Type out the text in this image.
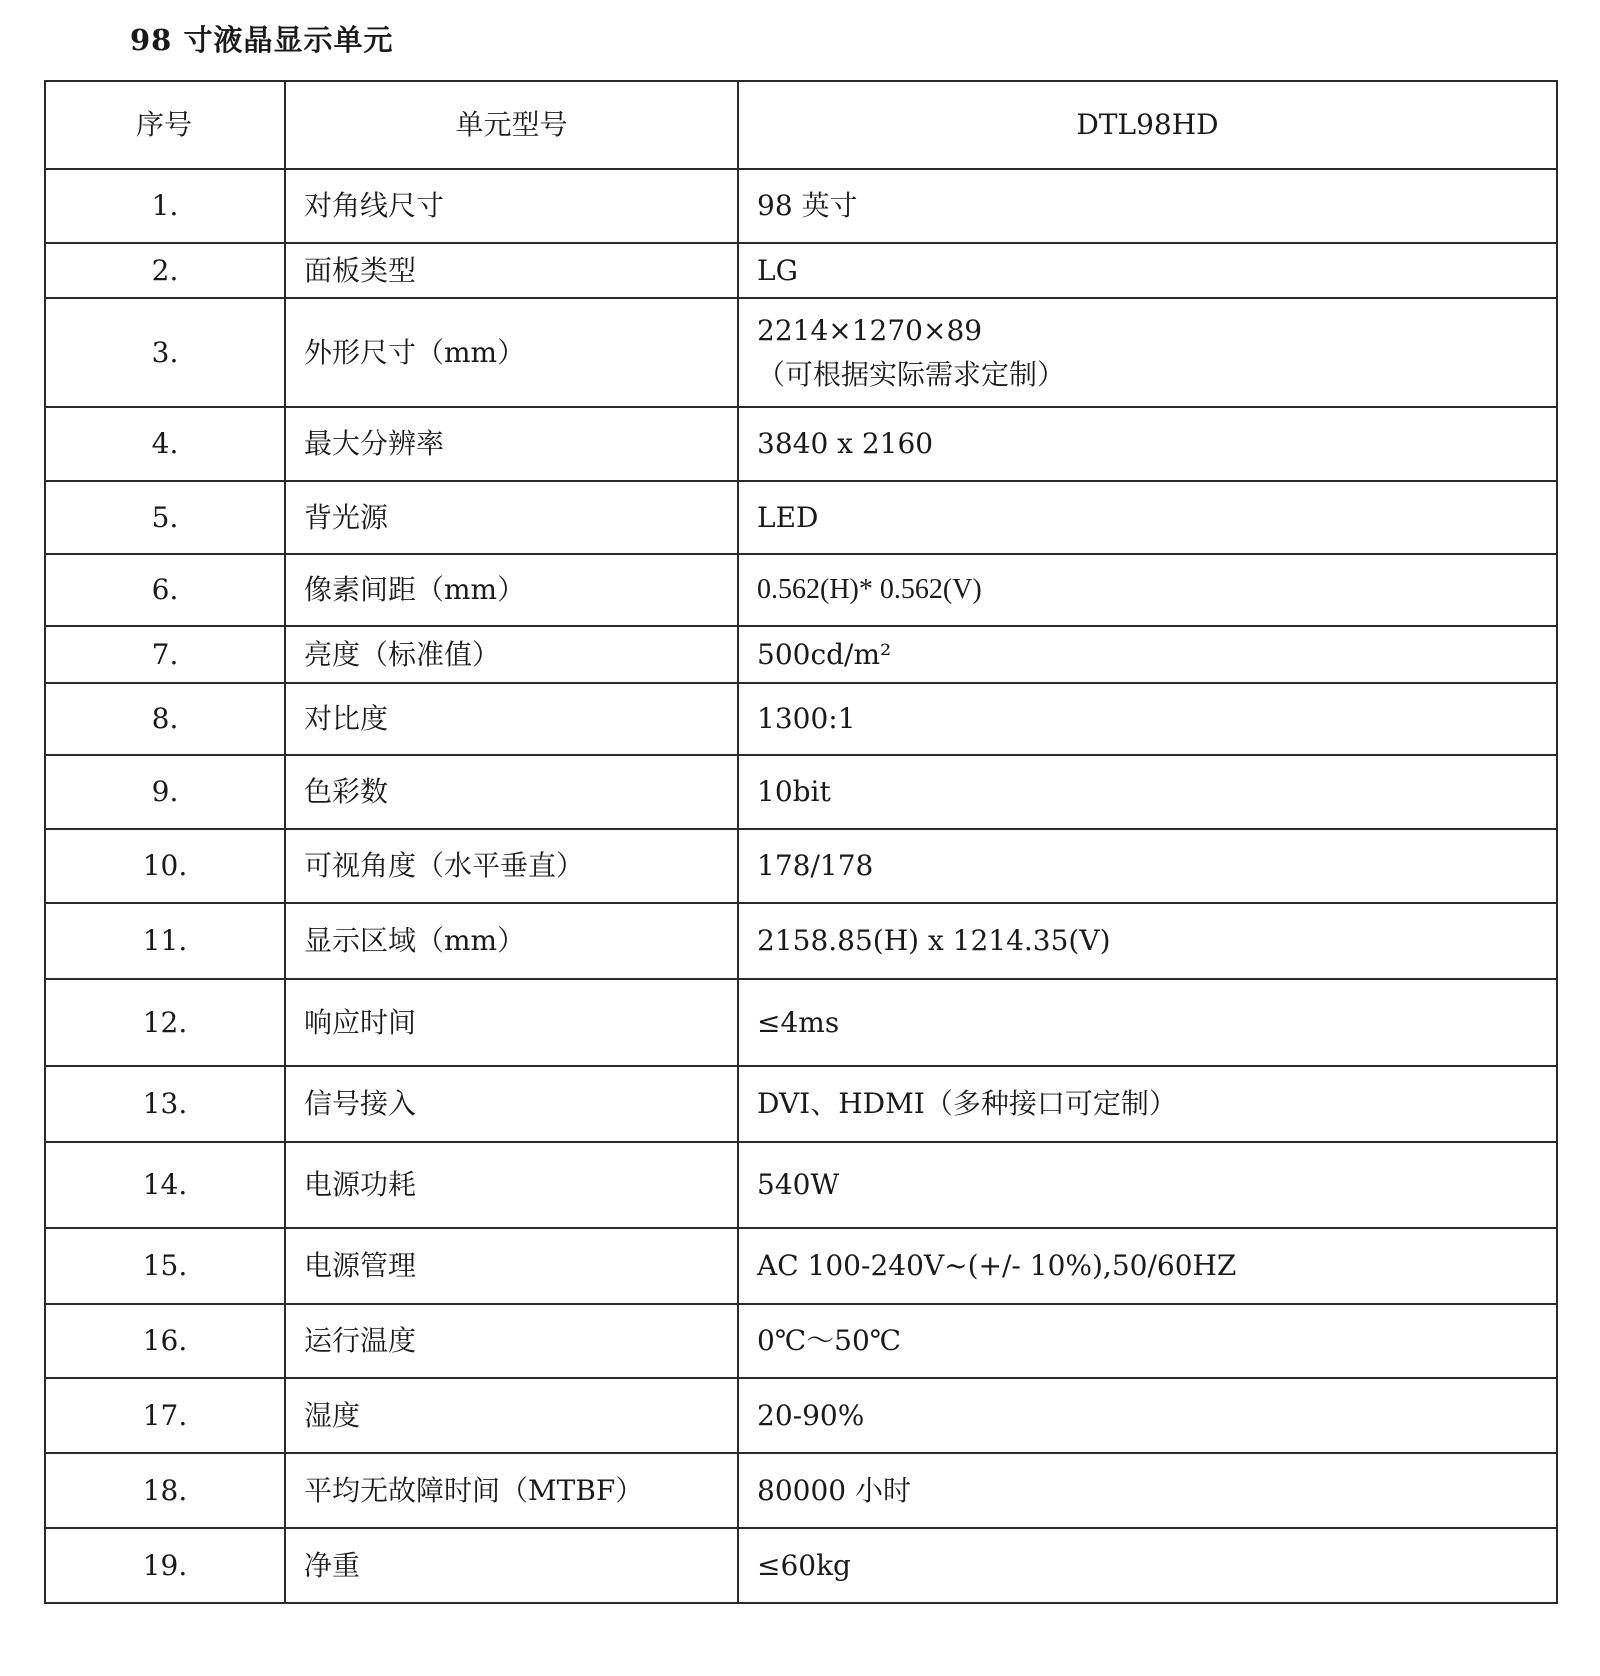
98 寸液晶显示单元
序号	单元型号	DTL98HD
1.	对角线尺寸	98 英寸
2.	面板类型	LG
3.	外形尺寸（mm）	2214×1270×89
（可根据实际需求定制）

4.	最大分辨率	3840 x 2160
5.	背光源	LED
6.	像素间距（mm）	0.562(H)* 0.562(V)
7.	亮度（标准值）	500cd/m²
8.	对比度	1300:1
9.	色彩数	10bit
10.	可视角度（水平垂直）	178/178
11.	显示区域（mm）	2158.85(H) x 1214.35(V)
12.	响应时间	≤4ms
13.	信号接入	DVI、HDMI（多种接口可定制）
14.	电源功耗	540W
15.	电源管理	AC 100-240V~(+/- 10%),50/60HZ
16.	运行温度	0℃～50℃
17.	湿度	20-90%
18.	平均无故障时间（MTBF）	80000 小时
19.	净重	≤60kg
